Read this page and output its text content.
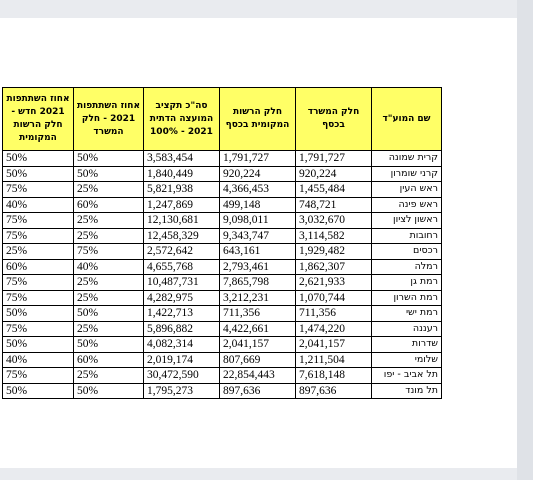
שם המוע"ד	חלק המשרד בכסף	חלק הרשות המקומית בכסף	סה"כ תקציב המועצה הדתית 2021 - 100%	אחוז השתתפות 2021 - חלק המשרד	אחוז השתתפות 2021 חדש - חלק הרשות המקומית
קרית שמונה	1,791,727	1,791,727	3,583,454	50%	50%
קרני שומרון	920,224	920,224	1,840,449	50%	50%
ראש העין	1,455,484	4,366,453	5,821,938	25%	75%
ראש פינה	748,721	499,148	1,247,869	60%	40%
ראשון לציון	3,032,670	9,098,011	12,130,681	25%	75%
רחובות	3,114,582	9,343,747	12,458,329	25%	75%
רכסים	1,929,482	643,161	2,572,642	75%	25%
רמלה	1,862,307	2,793,461	4,655,768	40%	60%
רמת גן	2,621,933	7,865,798	10,487,731	25%	75%
רמת השרון	1,070,744	3,212,231	4,282,975	25%	75%
רמת ישי	711,356	711,356	1,422,713	50%	50%
רעננה	1,474,220	4,422,661	5,896,882	25%	75%
שדרות	2,041,157	2,041,157	4,082,314	50%	50%
שלומי	1,211,504	807,669	2,019,174	60%	40%
תל אביב - יפו	7,618,148	22,854,443	30,472,590	25%	75%
תל מונד	897,636	897,636	1,795,273	50%	50%
